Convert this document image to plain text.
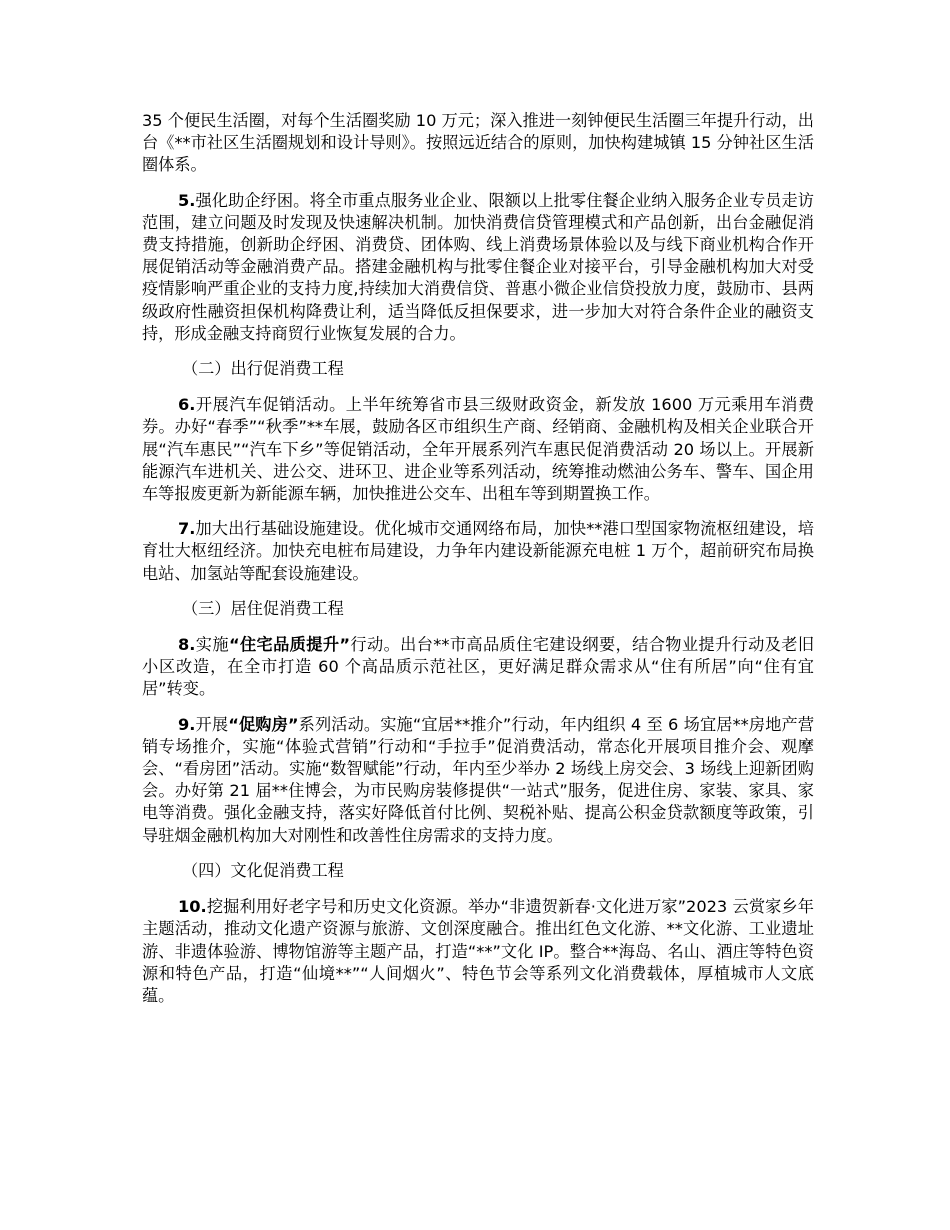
35 个便民生活圈，对每个生活圈奖励 10 万元；深入推进一刻钟便民生活圈三年提升行动，出台《**市社区生活圈规划和设计导则》。按照远近结合的原则，加快构建城镇 15 分钟社区生活圈体系。

5.强化助企纾困。将全市重点服务业企业、限额以上批零住餐企业纳入服务企业专员走访范围，建立问题及时发现及快速解决机制。加快消费信贷管理模式和产品创新，出台金融促消费支持措施，创新助企纾困、消费贷、团体购、线上消费场景体验以及与线下商业机构合作开展促销活动等金融消费产品。搭建金融机构与批零住餐企业对接平台，引导金融机构加大对受疫情影响严重企业的支持力度,持续加大消费信贷、普惠小微企业信贷投放力度，鼓励市、县两级政府性融资担保机构降费让利，适当降低反担保要求，进一步加大对符合条件企业的融资支持，形成金融支持商贸行业恢复发展的合力。

（二）出行促消费工程

6.开展汽车促销活动。上半年统筹省市县三级财政资金，新发放 1600 万元乘用车消费券。办好“春季”“秋季”**车展，鼓励各区市组织生产商、经销商、金融机构及相关企业联合开展“汽车惠民”“汽车下乡”等促销活动，全年开展系列汽车惠民促消费活动 20 场以上。开展新能源汽车进机关、进公交、进环卫、进企业等系列活动，统筹推动燃油公务车、警车、国企用车等报废更新为新能源车辆，加快推进公交车、出租车等到期置换工作。

7.加大出行基础设施建设。优化城市交通网络布局，加快**港口型国家物流枢纽建设，培育壮大枢纽经济。加快充电桩布局建设，力争年内建设新能源充电桩 1 万个，超前研究布局换电站、加氢站等配套设施建设。

（三）居住促消费工程

8.实施“住宅品质提升”行动。出台**市高品质住宅建设纲要，结合物业提升行动及老旧小区改造，在全市打造 60 个高品质示范社区，更好满足群众需求从“住有所居”向“住有宜居”转变。

9.开展“促购房”系列活动。实施“宜居**推介”行动，年内组织 4 至 6 场宜居**房地产营销专场推介，实施“体验式营销”行动和“手拉手”促消费活动，常态化开展项目推介会、观摩会、“看房团”活动。实施“数智赋能”行动，年内至少举办 2 场线上房交会、3 场线上迎新团购会。办好第 21 届**住博会，为市民购房装修提供“一站式”服务，促进住房、家装、家具、家电等消费。强化金融支持，落实好降低首付比例、契税补贴、提高公积金贷款额度等政策，引导驻烟金融机构加大对刚性和改善性住房需求的支持力度。

（四）文化促消费工程

10.挖掘利用好老字号和历史文化资源。举办“非遗贺新春·文化进万家”2023 云赏家乡年主题活动，推动文化遗产资源与旅游、文创深度融合。推出红色文化游、**文化游、工业遗址游、非遗体验游、博物馆游等主题产品，打造“**”文化 IP。整合**海岛、名山、酒庄等特色资源和特色产品，打造“仙境**”“人间烟火”、特色节会等系列文化消费载体，厚植城市人文底蕴。
